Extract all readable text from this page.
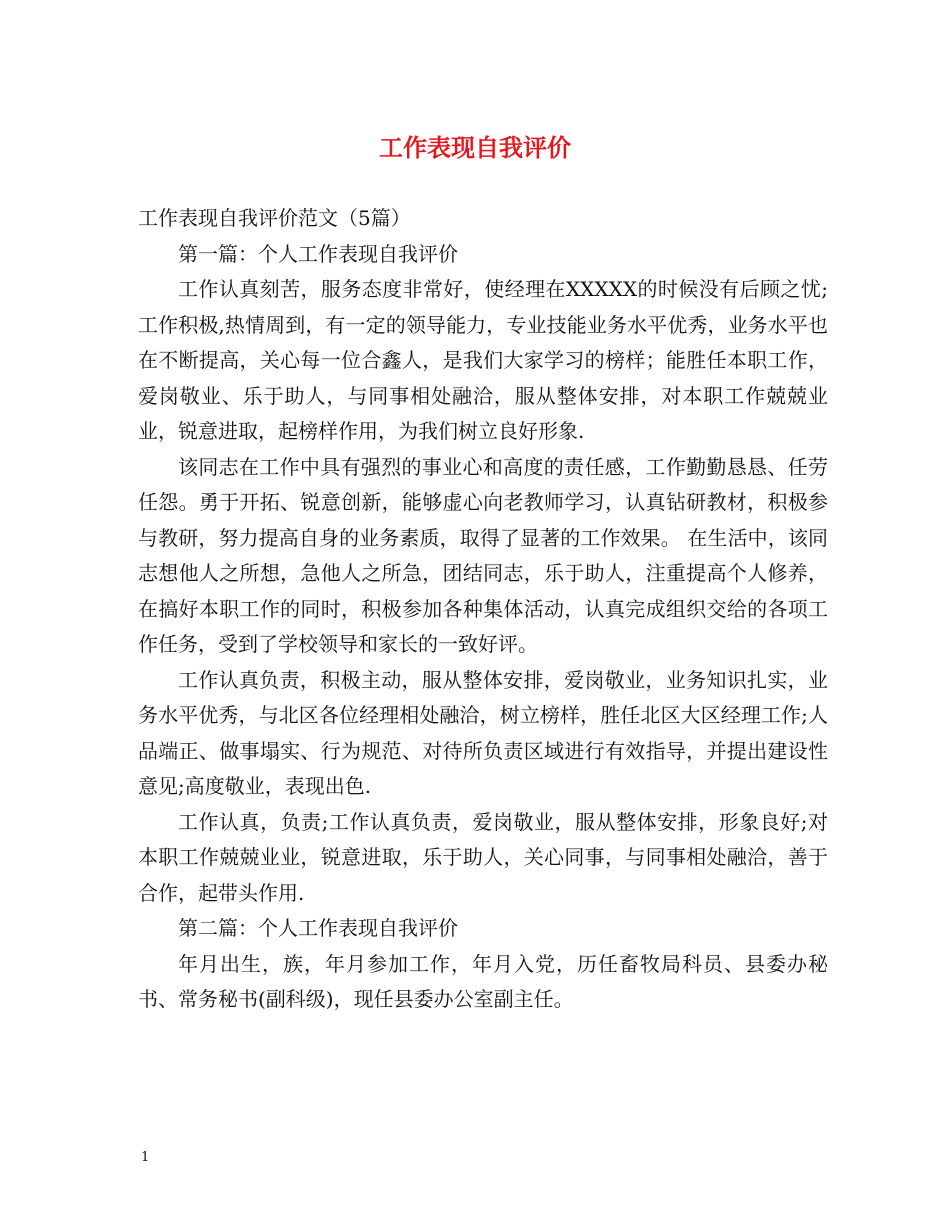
工作表现自我评价

工作表现自我评价范文（5篇）

第一篇：个人工作表现自我评价

工作认真刻苦，服务态度非常好，使经理在XXXXX的时候没有后顾之忧;工作积极,热情周到，有一定的领导能力，专业技能业务水平优秀，业务水平也在不断提高，关心每一位合鑫人，是我们大家学习的榜样；能胜任本职工作，爱岗敬业、乐于助人，与同事相处融洽，服从整体安排，对本职工作兢兢业业，锐意进取，起榜样作用，为我们树立良好形象.

该同志在工作中具有强烈的事业心和高度的责任感，工作勤勤恳恳、任劳任怨。勇于开拓、锐意创新，能够虚心向老教师学习，认真钻研教材，积极参与教研，努力提高自身的业务素质，取得了显著的工作效果。 在生活中，该同志想他人之所想，急他人之所急，团结同志，乐于助人，注重提高个人修养，在搞好本职工作的同时，积极参加各种集体活动，认真完成组织交给的各项工作任务，受到了学校领导和家长的一致好评。

工作认真负责，积极主动，服从整体安排，爱岗敬业，业务知识扎实，业务水平优秀，与北区各位经理相处融洽，树立榜样，胜任北区大区经理工作;人品端正、做事塌实、行为规范、对待所负责区域进行有效指导，并提出建设性意见;高度敬业，表现出色.

工作认真，负责;工作认真负责，爱岗敬业，服从整体安排，形象良好;对本职工作兢兢业业，锐意进取，乐于助人，关心同事，与同事相处融洽，善于合作，起带头作用.

第二篇：个人工作表现自我评价

年月出生，族，年月参加工作，年月入党，历任畜牧局科员、县委办秘书、常务秘书(副科级)，现任县委办公室副主任。

1
